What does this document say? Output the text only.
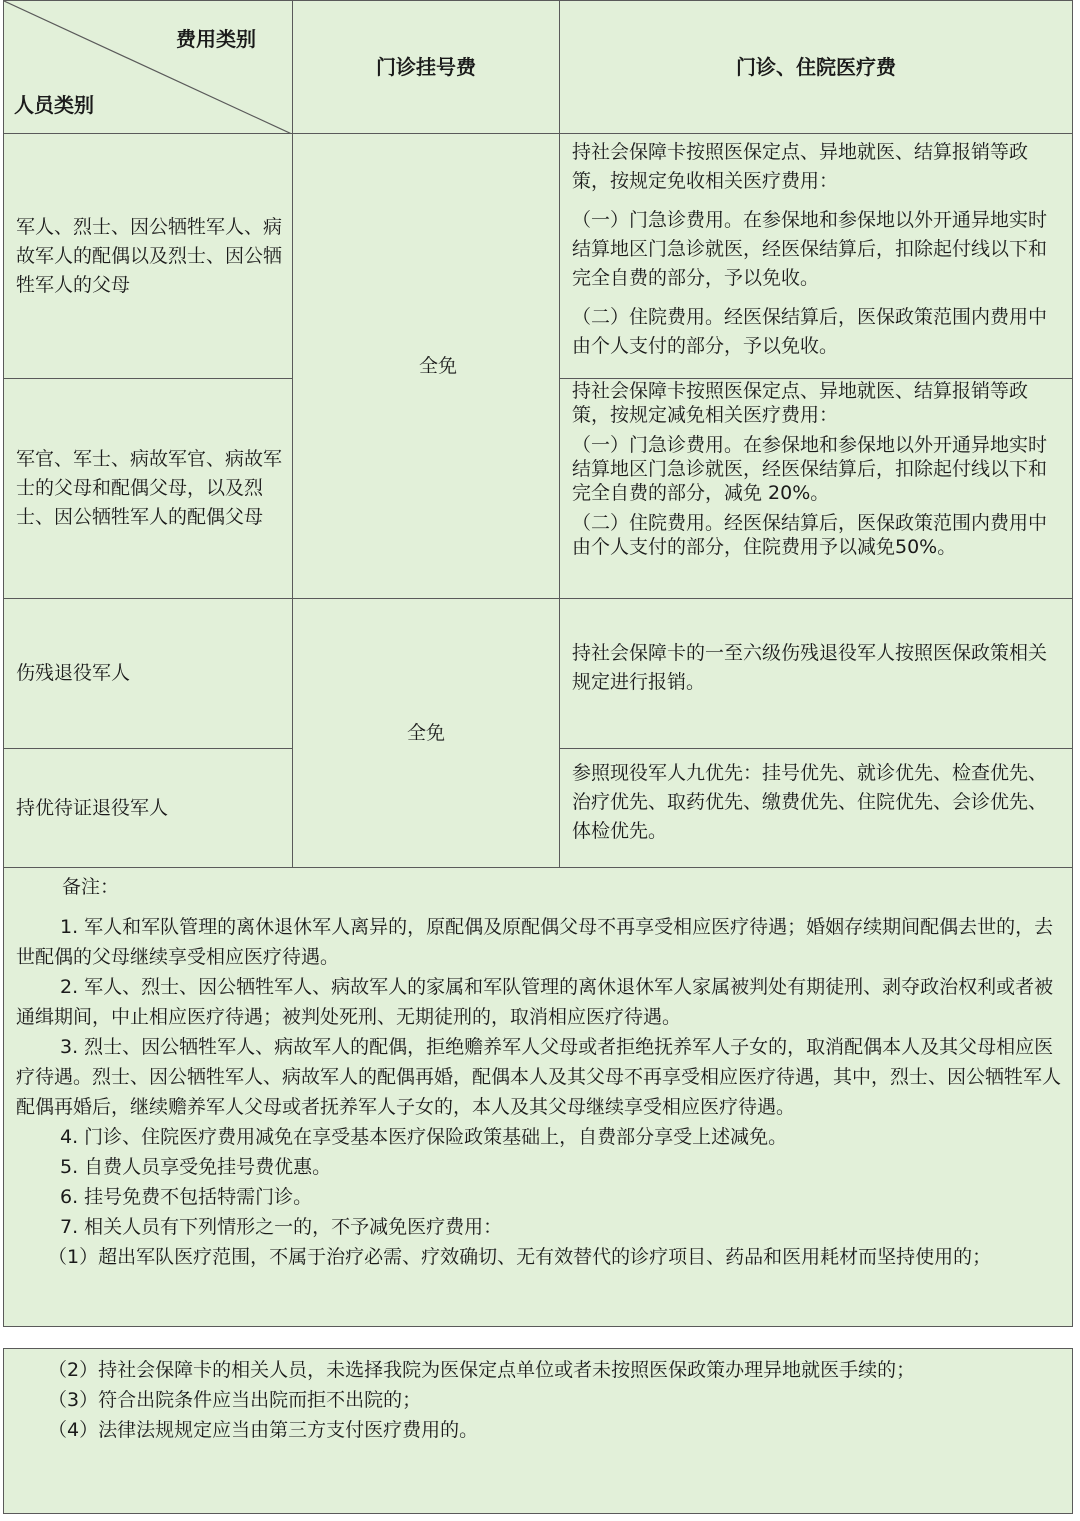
费用类别
人员类别
门诊挂号费	门诊、住院医疗费
军人、烈士、因公牺牲军人、病故军人的配偶以及烈士、因公牺牲军人的父母

持社会保障卡按照医保定点、异地就医、结算报销等政策，按规定免收相关医疗费用：

（一）门急诊费用。在参保地和参保地以外开通异地实时结算地区门急诊就医，经医保结算后，扣除起付线以下和完全自费的部分，予以免收。

（二）住院费用。经医保结算后，医保政策范围内费用中由个人支付的部分，予以免收。

军官、军士、病故军官、病故军士的父母和配偶父母，以及烈士、因公牺牲军人的配偶父母

持社会保障卡按照医保定点、异地就医、结算报销等政策，按规定减免相关医疗费用：

（一）门急诊费用。在参保地和参保地以外开通异地实时结算地区门急诊就医，经医保结算后，扣除起付线以下和完全自费的部分，减免 20%。

（二）住院费用。经医保结算后，医保政策范围内费用中由个人支付的部分，住院费用予以减免50%。

全免
伤残退役军人

持社会保障卡的一至六级伤残退役军人按照医保政策相关规定进行报销。

持优待证退役军人

参照现役军人九优先：挂号优先、就诊优先、检查优先、治疗优先、取药优先、缴费优先、住院优先、会诊优先、体检优先。

全免

备注：

1. 军人和军队管理的离休退休军人离异的，原配偶及原配偶父母不再享受相应医疗待遇；婚姻存续期间配偶去世的，去世配偶的父母继续享受相应医疗待遇。

2. 军人、烈士、因公牺牲军人、病故军人的家属和军队管理的离休退休军人家属被判处有期徒刑、剥夺政治权利或者被通缉期间，中止相应医疗待遇；被判处死刑、无期徒刑的，取消相应医疗待遇。

3. 烈士、因公牺牲军人、病故军人的配偶，拒绝赡养军人父母或者拒绝抚养军人子女的，取消配偶本人及其父母相应医疗待遇。烈士、因公牺牲军人、病故军人的配偶再婚，配偶本人及其父母不再享受相应医疗待遇，其中，烈士、因公牺牲军人配偶再婚后，继续赡养军人父母或者抚养军人子女的，本人及其父母继续享受相应医疗待遇。

4. 门诊、住院医疗费用减免在享受基本医疗保险政策基础上，自费部分享受上述减免。

5. 自费人员享受免挂号费优惠。

6. 挂号免费不包括特需门诊。

7. 相关人员有下列情形之一的，不予减免医疗费用：

（1）超出军队医疗范围，不属于治疗必需、疗效确切、无有效替代的诊疗项目、药品和医用耗材而坚持使用的；

（2）持社会保障卡的相关人员，未选择我院为医保定点单位或者未按照医保政策办理异地就医手续的；

（3）符合出院条件应当出院而拒不出院的；

（4）法律法规规定应当由第三方支付医疗费用的。
